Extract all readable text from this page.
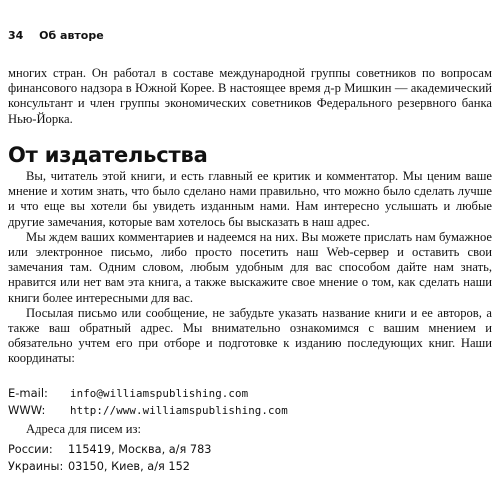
34 Об авторе

многих стран. Он работал в составе международной группы советников по вопросам финансового надзора в Южной Корее. В настоящее время д-р Мишкин — академический консультант и член группы экономических советников Федерального резервного банка Нью-Йорка.

От издательства

Вы, читатель этой книги, и есть главный ее критик и комментатор. Мы ценим ваше мнение и хотим знать, что было сделано нами правильно, что можно было сделать лучше и что еще вы хотели бы увидеть изданным нами. Нам интересно услышать и любые другие замечания, которые вам хотелось бы высказать в наш адрес.

Мы ждем ваших комментариев и надеемся на них. Вы можете прислать нам бумажное или электронное письмо, либо просто посетить наш Web-сервер и оставить свои замечания там. Одним словом, любым удобным для вас способом дайте нам знать, нравится или нет вам эта книга, а также выскажите свое мнение о том, как сделать наши книги более интересными для вас.

Посылая письмо или сообщение, не забудьте указать название книги и ее авторов, а также ваш обратный адрес. Мы внимательно ознакомимся с вашим мнением и обязательно учтем его при отборе и подготовке к изданию последующих книг. Наши координаты:

E-mail:	info@williamspublishing.com
WWW:	http://www.williamspublishing.com
Адреса для писем из:
России:	115419, Москва, а/я 783
Украины: 03150, Киев, а/я 152
